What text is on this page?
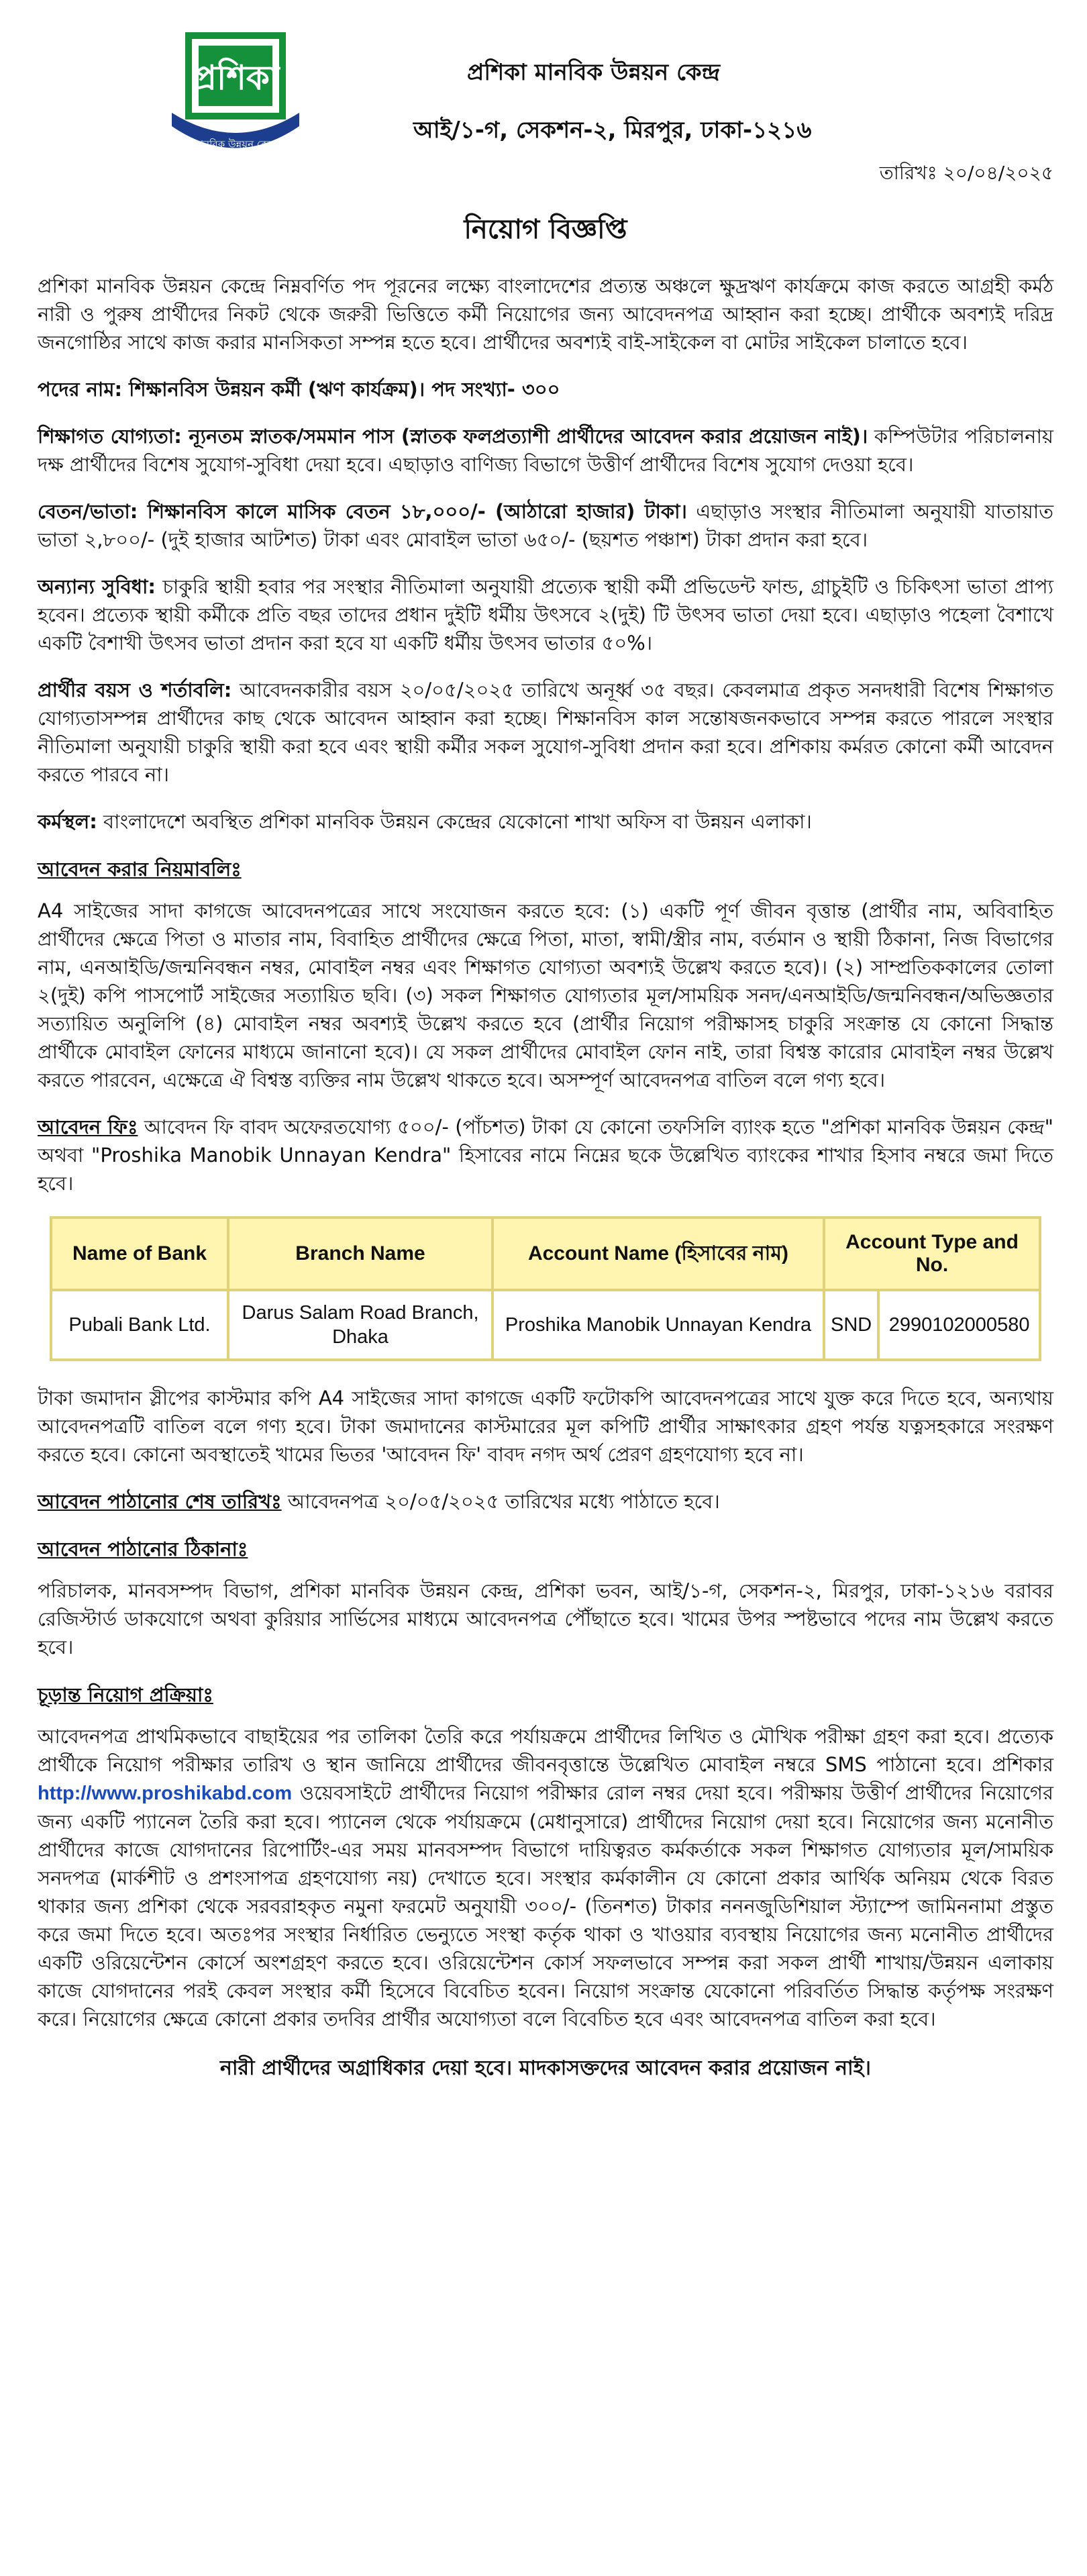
প্রশিকা
মানবিক উন্নয়ন কেন্দ্র
প্রশিকা মানবিক উন্নয়ন কেন্দ্র
আই/১-গ, সেকশন-২, মিরপুর, ঢাকা-১২১৬
তারিখঃ ২০/০৪/২০২৫
নিয়োগ বিজ্ঞপ্তি

প্রশিকা মানবিক উন্নয়ন কেন্দ্রে নিম্নবর্ণিত পদ পূরনের লক্ষ্যে বাংলাদেশের প্রত্যন্ত অঞ্চলে ক্ষুদ্রঋণ কার্যক্রমে কাজ করতে আগ্রহী কর্মঠ নারী ও পুরুষ প্রার্থীদের নিকট থেকে জরুরী ভিত্তিতে কর্মী নিয়োগের জন্য আবেদনপত্র আহ্বান করা হচ্ছে। প্রার্থীকে অবশ্যই দরিদ্র জনগোষ্ঠির সাথে কাজ করার মানসিকতা সম্পন্ন হতে হবে। প্রার্থীদের অবশ্যই বাই-সাইকেল বা মোটর সাইকেল চালাতে হবে।

পদের নাম: শিক্ষানবিস উন্নয়ন কর্মী (ঋণ কার্যক্রম)। পদ সংখ্যা- ৩০০

শিক্ষাগত যোগ্যতা: ন্যূনতম স্নাতক/সমমান পাস (স্নাতক ফলপ্রত্যাশী প্রার্থীদের আবেদন করার প্রয়োজন নাই)। কম্পিউটার পরিচালনায় দক্ষ প্রার্থীদের বিশেষ সুযোগ-সুবিধা দেয়া হবে। এছাড়াও বাণিজ্য বিভাগে উত্তীর্ণ প্রার্থীদের বিশেষ সুযোগ দেওয়া হবে।

বেতন/ভাতা: শিক্ষানবিস কালে মাসিক বেতন ১৮,০০০/- (আঠারো হাজার) টাকা। এছাড়াও সংস্থার নীতিমালা অনুযায়ী যাতায়াত ভাতা ২,৮০০/- (দুই হাজার আটশত) টাকা এবং মোবাইল ভাতা ৬৫০/- (ছয়শত পঞ্চাশ) টাকা প্রদান করা হবে।

অন্যান্য সুবিধা: চাকুরি স্থায়ী হবার পর সংস্থার নীতিমালা অনুযায়ী প্রত্যেক স্থায়ী কর্মী প্রভিডেন্ট ফান্ড, গ্রাচুইটি ও চিকিৎসা ভাতা প্রাপ্য হবেন। প্রত্যেক স্থায়ী কর্মীকে প্রতি বছর তাদের প্রধান দুইটি ধর্মীয় উৎসবে ২(দুই) টি উৎসব ভাতা দেয়া হবে। এছাড়াও পহেলা বৈশাখে একটি বৈশাখী উৎসব ভাতা প্রদান করা হবে যা একটি ধর্মীয় উৎসব ভাতার ৫০%।

প্রার্থীর বয়স ও শর্তাবলি: আবেদনকারীর বয়স ২০/০৫/২০২৫ তারিখে অনূর্ধ্ব ৩৫ বছর। কেবলমাত্র প্রকৃত সনদধারী বিশেষ শিক্ষাগত যোগ্যতাসম্পন্ন প্রার্থীদের কাছ থেকে আবেদন আহ্বান করা হচ্ছে। শিক্ষানবিস কাল সন্তোষজনকভাবে সম্পন্ন করতে পারলে সংস্থার নীতিমালা অনুযায়ী চাকুরি স্থায়ী করা হবে এবং স্থায়ী কর্মীর সকল সুযোগ-সুবিধা প্রদান করা হবে। প্রশিকায় কর্মরত কোনো কর্মী আবেদন করতে পারবে না।

কর্মস্থল: বাংলাদেশে অবস্থিত প্রশিকা মানবিক উন্নয়ন কেন্দ্রের যেকোনো শাখা অফিস বা উন্নয়ন এলাকা।

আবেদন করার নিয়মাবলিঃ

A4 সাইজের সাদা কাগজে আবেদনপত্রের সাথে সংযোজন করতে হবে: (১) একটি পূর্ণ জীবন বৃত্তান্ত (প্রার্থীর নাম, অবিবাহিত প্রার্থীদের ক্ষেত্রে পিতা ও মাতার নাম, বিবাহিত প্রার্থীদের ক্ষেত্রে পিতা, মাতা, স্বামী/স্ত্রীর নাম, বর্তমান ও স্থায়ী ঠিকানা, নিজ বিভাগের নাম, এনআইডি/জন্মনিবন্ধন নম্বর, মোবাইল নম্বর এবং শিক্ষাগত যোগ্যতা অবশ্যই উল্লেখ করতে হবে)। (২) সাম্প্রতিককালের তোলা ২(দুই) কপি পাসপোর্ট সাইজের সত্যায়িত ছবি। (৩) সকল শিক্ষাগত যোগ্যতার মূল/সাময়িক সনদ/এনআইডি/জন্মনিবন্ধন/অভিজ্ঞতার সত্যায়িত অনুলিপি (৪) মোবাইল নম্বর অবশ্যই উল্লেখ করতে হবে (প্রার্থীর নিয়োগ পরীক্ষাসহ চাকুরি সংক্রান্ত যে কোনো সিদ্ধান্ত প্রার্থীকে মোবাইল ফোনের মাধ্যমে জানানো হবে)। যে সকল প্রার্থীদের মোবাইল ফোন নাই, তারা বিশ্বস্ত কারোর মোবাইল নম্বর উল্লেখ করতে পারবেন, এক্ষেত্রে ঐ বিশ্বস্ত ব্যক্তির নাম উল্লেখ থাকতে হবে। অসম্পূর্ণ আবেদনপত্র বাতিল বলে গণ্য হবে।

আবেদন ফিঃ আবেদন ফি বাবদ অফেরতযোগ্য ৫০০/- (পাঁচশত) টাকা যে কোনো তফসিলি ব্যাংক হতে "প্রশিকা মানবিক উন্নয়ন কেন্দ্র" অথবা "Proshika Manobik Unnayan Kendra" হিসাবের নামে নিম্নের ছকে উল্লেখিত ব্যাংকের শাখার হিসাব নম্বরে জমা দিতে হবে।

Name of Bank	Branch Name	Account Name (হিসাবের নাম)	Account Type and No.	
Pubali Bank Ltd.	Darus Salam Road Branch, Dhaka	Proshika Manobik Unnayan Kendra	SND	2990102000580

টাকা জমাদান স্লীপের কাস্টমার কপি A4 সাইজের সাদা কাগজে একটি ফটোকপি আবেদনপত্রের সাথে যুক্ত করে দিতে হবে, অন্যথায় আবেদনপত্রটি বাতিল বলে গণ্য হবে। টাকা জমাদানের কাস্টমারের মূল কপিটি প্রার্থীর সাক্ষাৎকার গ্রহণ পর্যন্ত যত্নসহকারে সংরক্ষণ করতে হবে। কোনো অবস্থাতেই খামের ভিতর 'আবেদন ফি' বাবদ নগদ অর্থ প্রেরণ গ্রহণযোগ্য হবে না।

আবেদন পাঠানোর শেষ তারিখঃ আবেদনপত্র ২০/০৫/২০২৫ তারিখের মধ্যে পাঠাতে হবে।

আবেদন পাঠানোর ঠিকানাঃ

পরিচালক, মানবসম্পদ বিভাগ, প্রশিকা মানবিক উন্নয়ন কেন্দ্র, প্রশিকা ভবন, আই/১-গ, সেকশন-২, মিরপুর, ঢাকা-১২১৬ বরাবর রেজিস্টার্ড ডাকযোগে অথবা কুরিয়ার সার্ভিসের মাধ্যমে আবেদনপত্র পৌঁছাতে হবে। খামের উপর স্পষ্টভাবে পদের নাম উল্লেখ করতে হবে।

চূড়ান্ত নিয়োগ প্রক্রিয়াঃ

আবেদনপত্র প্রাথমিকভাবে বাছাইয়ের পর তালিকা তৈরি করে পর্যায়ক্রমে প্রার্থীদের লিখিত ও মৌখিক পরীক্ষা গ্রহণ করা হবে। প্রত্যেক প্রার্থীকে নিয়োগ পরীক্ষার তারিখ ও স্থান জানিয়ে প্রার্থীদের জীবনবৃত্তান্তে উল্লেখিত মোবাইল নম্বরে SMS পাঠানো হবে। প্রশিকার http://www.proshikabd.com ওয়েবসাইটে প্রার্থীদের নিয়োগ পরীক্ষার রোল নম্বর দেয়া হবে। পরীক্ষায় উত্তীর্ণ প্রার্থীদের নিয়োগের জন্য একটি প্যানেল তৈরি করা হবে। প্যানেল থেকে পর্যায়ক্রমে (মেধানুসারে) প্রার্থীদের নিয়োগ দেয়া হবে। নিয়োগের জন্য মনোনীত প্রার্থীদের কাজে যোগদানের রিপোর্টিং-এর সময় মানবসম্পদ বিভাগে দায়িত্বরত কর্মকর্তাকে সকল শিক্ষাগত যোগ্যতার মূল/সাময়িক সনদপত্র (মার্কশীট ও প্রশংসাপত্র গ্রহণযোগ্য নয়) দেখাতে হবে। সংস্থার কর্মকালীন যে কোনো প্রকার আর্থিক অনিয়ম থেকে বিরত থাকার জন্য প্রশিকা থেকে সরবরাহকৃত নমুনা ফরমেট অনুযায়ী ৩০০/- (তিনশত) টাকার নননজুডিশিয়াল স্ট্যাম্পে জামিননামা প্রস্তুত করে জমা দিতে হবে। অতঃপর সংস্থার নির্ধারিত ভেন্যুতে সংস্থা কর্তৃক থাকা ও খাওয়ার ব্যবস্থায় নিয়োগের জন্য মনোনীত প্রার্থীদের একটি ওরিয়েন্টেশন কোর্সে অংশগ্রহণ করতে হবে। ওরিয়েন্টেশন কোর্স সফলভাবে সম্পন্ন করা সকল প্রার্থী শাখায়/উন্নয়ন এলাকায় কাজে যোগদানের পরই কেবল সংস্থার কর্মী হিসেবে বিবেচিত হবেন। নিয়োগ সংক্রান্ত যেকোনো পরিবর্তিত সিদ্ধান্ত কর্তৃপক্ষ সংরক্ষণ করে। নিয়োগের ক্ষেত্রে কোনো প্রকার তদবির প্রার্থীর অযোগ্যতা বলে বিবেচিত হবে এবং আবেদনপত্র বাতিল করা হবে।

নারী প্রার্থীদের অগ্রাধিকার দেয়া হবে। মাদকাসক্তদের আবেদন করার প্রয়োজন নাই।
